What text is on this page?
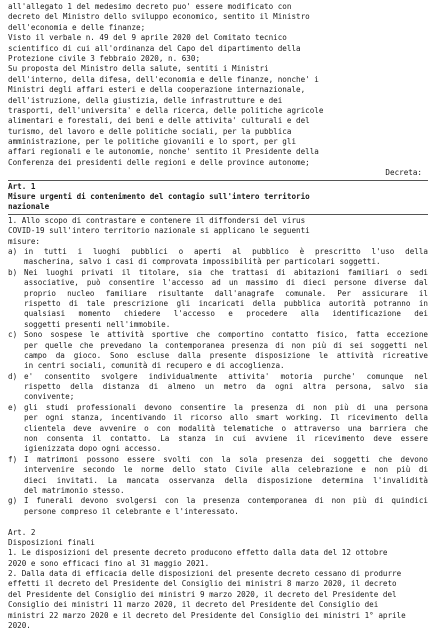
all'allegato 1 del medesimo decreto puo' essere modificato con
decreto del Ministro dello sviluppo economico, sentito il Ministro
dell'economia e delle finanze;
Visto il verbale n. 49 del 9 aprile 2020 del Comitato tecnico
scientifico di cui all'ordinanza del Capo del dipartimento della
Protezione civile 3 febbraio 2020, n. 630;
Su proposta del Ministro della salute, sentiti i Ministri
dell'interno, della difesa, dell'economia e delle finanze, nonche' i
Ministri degli affari esteri e della cooperazione internazionale,
dell'istruzione, della giustizia, delle infrastrutture e dei
trasporti, dell'universita' e della ricerca, delle politiche agricole
alimentari e forestali, dei beni e delle attivita' culturali e del
turismo, del lavoro e delle politiche sociali, per la pubblica
amministrazione, per le politiche giovanili e lo sport, per gli
affari regionali e le autonomie, nonche' sentito il Presidente della
Conferenza dei presidenti delle regioni e delle province autonome;
Decreta:
Art. 1
Misure urgenti di contenimento del contagio sull'intero territorio
nazionale
1. Allo scopo di contrastare e contenere il diffondersi del virus
COVID-19 sull'intero territorio nazionale si applicano le seguenti
misure:
a) in tutti i luoghi pubblici o aperti al pubblico è prescritto l'uso della
mascherina, salvo i casi di comprovata impossibilità per particolari soggetti.
b) Nei luoghi privati il titolare, sia che trattasi di abitazioni familiari o sedi
associative, può consentire l'accesso ad un massimo di dieci persone diverse dal
proprio nucleo familiare risultante dall'anagrafe comunale. Per assicurare il
rispetto di tale prescrizione gli incaricati della pubblica autorità potranno in
qualsiasi momento chiedere l'accesso e procedere alla identificazione dei
soggetti presenti nell'immobile.
c) Sono sospese le attività sportive che comportino contatto fisico, fatta eccezione
per quelle che prevedano la contemporanea presenza di non più di sei soggetti nel
campo da gioco. Sono escluse dalla presente disposizione le attività ricreative
in centri sociali, comunità di recupero e di accoglienza.
d) e' consentito svolgere individualmente attivita' motoria purche' comunque nel
rispetto della distanza di almeno un metro da ogni altra persona, salvo sia
convivente;
e) gli studi professionali devono consentire la presenza di non più di una persona
per ogni stanza, incentivando il ricorso allo smart working. Il ricevimento della
clientela deve avvenire o con modalità telematiche o attraverso una barriera che
non consenta il contatto. La stanza in cui avviene il ricevimento deve essere
igienizzata dopo ogni accesso.
f) I matrimoni possono essere svolti con la sola presenza dei soggetti che devono
intervenire secondo le norme dello stato Civile alla celebrazione e non più di
dieci invitati. La mancata osservanza della disposizione determina l'invalidità
del matrimonio stesso.
g) I funerali devono svolgersi con la presenza contemporanea di non più di quindici
persone compreso il celebrante e l'interessato.
Art. 2
Disposizioni finali
1. Le disposizioni del presente decreto producono effetto dalla data del 12 ottobre
2020 e sono efficaci fino al 31 maggio 2021.
2. Dalla data di efficacia delle disposizioni del presente decreto cessano di produrre
effetti il decreto del Presidente del Consiglio dei ministri 8 marzo 2020, il decreto
del Presidente del Consiglio dei ministri 9 marzo 2020, il decreto del Presidente del
Consiglio dei ministri 11 marzo 2020, il decreto del Presidente del Consiglio dei
ministri 22 marzo 2020 e il decreto del Presidente del Consiglio dei ministri 1° aprile
2020.
